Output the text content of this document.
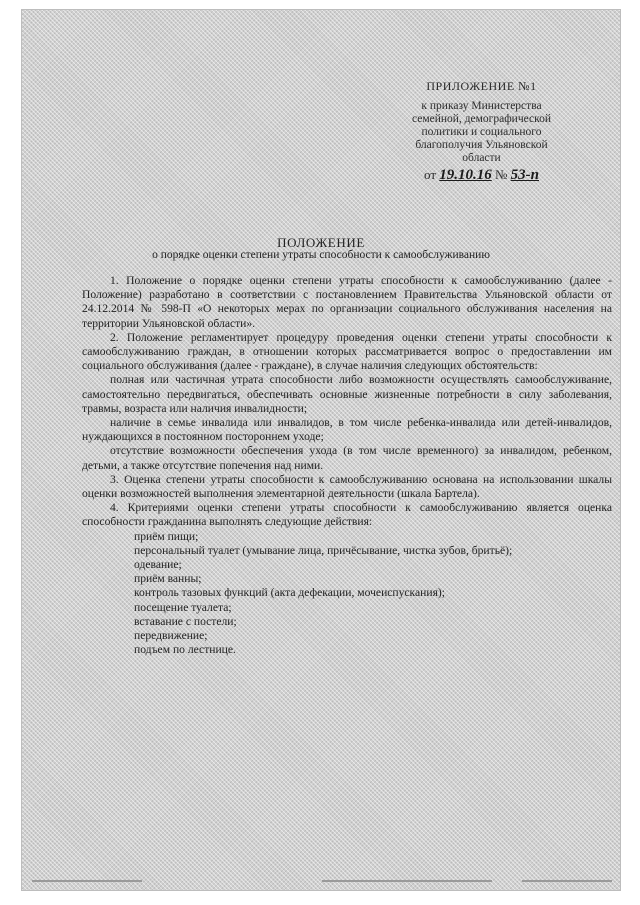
ПРИЛОЖЕНИЕ №1
к приказу Министерства
семейной, демографической
политики и социального
благополучия Ульяновской
области
от 19.10.16 № 53-п
ПОЛОЖЕНИЕ
о порядке оценки степени утраты способности к самообслуживанию

1. Положение о порядке оценки степени утраты способности к самообслуживанию (далее - Положение) разработано в соответствии с постановлением Правительства Ульяновской области от 24.12.2014 № 598-П «О некоторых мерах по организации социального обслуживания населения на территории Ульяновской области».

2. Положение регламентирует процедуру проведения оценки степени утраты способности к самообслуживанию граждан, в отношении которых рассматривается вопрос о предоставлении им социального обслуживания (далее - граждане), в случае наличия следующих обстоятельств:

полная или частичная утрата способности либо возможности осуществлять самообслуживание, самостоятельно передвигаться, обеспечивать основные жизненные потребности в силу заболевания, травмы, возраста или наличия инвалидности;

наличие в семье инвалида или инвалидов, в том числе ребенка-инвалида или детей-инвалидов, нуждающихся в постоянном постороннем уходе;

отсутствие возможности обеспечения ухода (в том числе временного) за инвалидом, ребенком, детьми, а также отсутствие попечения над ними.

3. Оценка степени утраты способности к самообслуживанию основана на использовании шкалы оценки возможностей выполнения элементарной деятельности (шкала Бартела).

4. Критериями оценки степени утраты способности к самообслуживанию является оценка способности гражданина выполнять следующие действия:

приём пищи;

персональный туалет (умывание лица, причёсывание, чистка зубов, бритьё);

одевание;

приём ванны;

контроль тазовых функций (акта дефекации, мочеиспускания);

посещение туалета;

вставание с постели;

передвижение;

подъем по лестнице.
